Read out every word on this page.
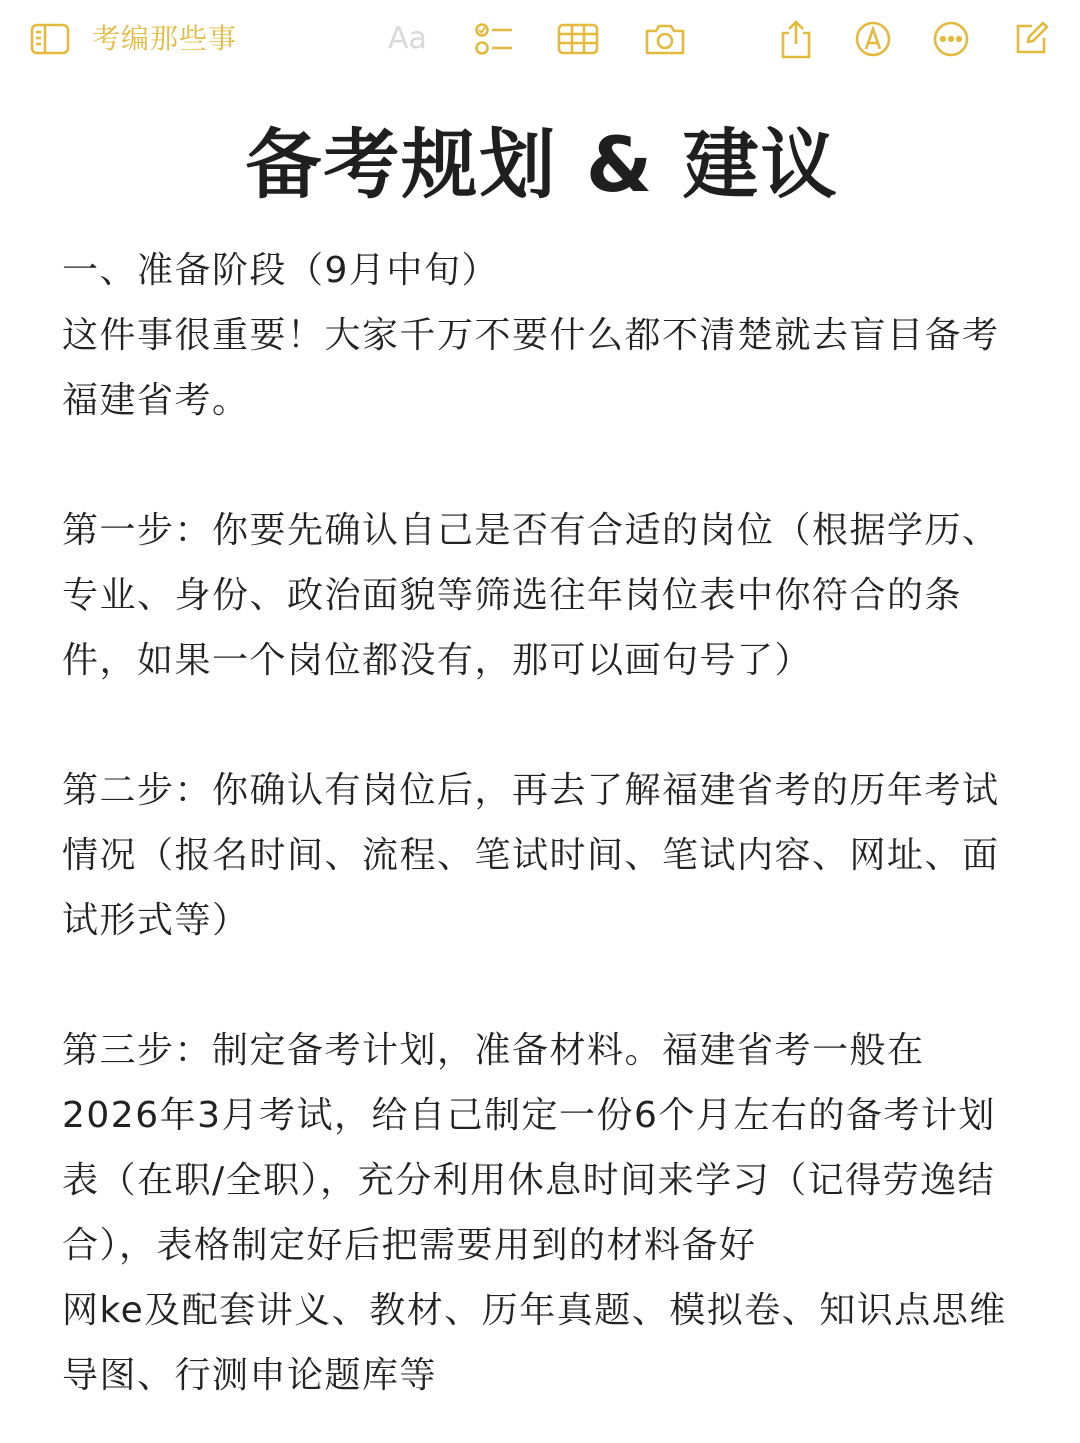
考编那些事	Aa
备考规划 & 建议

一、准备阶段（9月中旬）

这件事很重要！大家千万不要什么都不清楚就去盲目备考福建省考。

第一步：你要先确认自己是否有合适的岗位（根据学历、专业、身份、政治面貌等筛选往年岗位表中你符合的条件，如果一个岗位都没有，那可以画句号了）

第二步：你确认有岗位后，再去了解福建省考的历年考试情况（报名时间、流程、笔试时间、笔试内容、网址、面试形式等）

第三步：制定备考计划，准备材料。福建省考一般在2026年3月考试，给自己制定一份6个月左右的备考计划表（在职/全职），充分利用休息时间来学习（记得劳逸结合），表格制定好后把需要用到的材料备好

网ke及配套讲义、教材、历年真题、模拟卷、知识点思维导图、行测申论题库等
